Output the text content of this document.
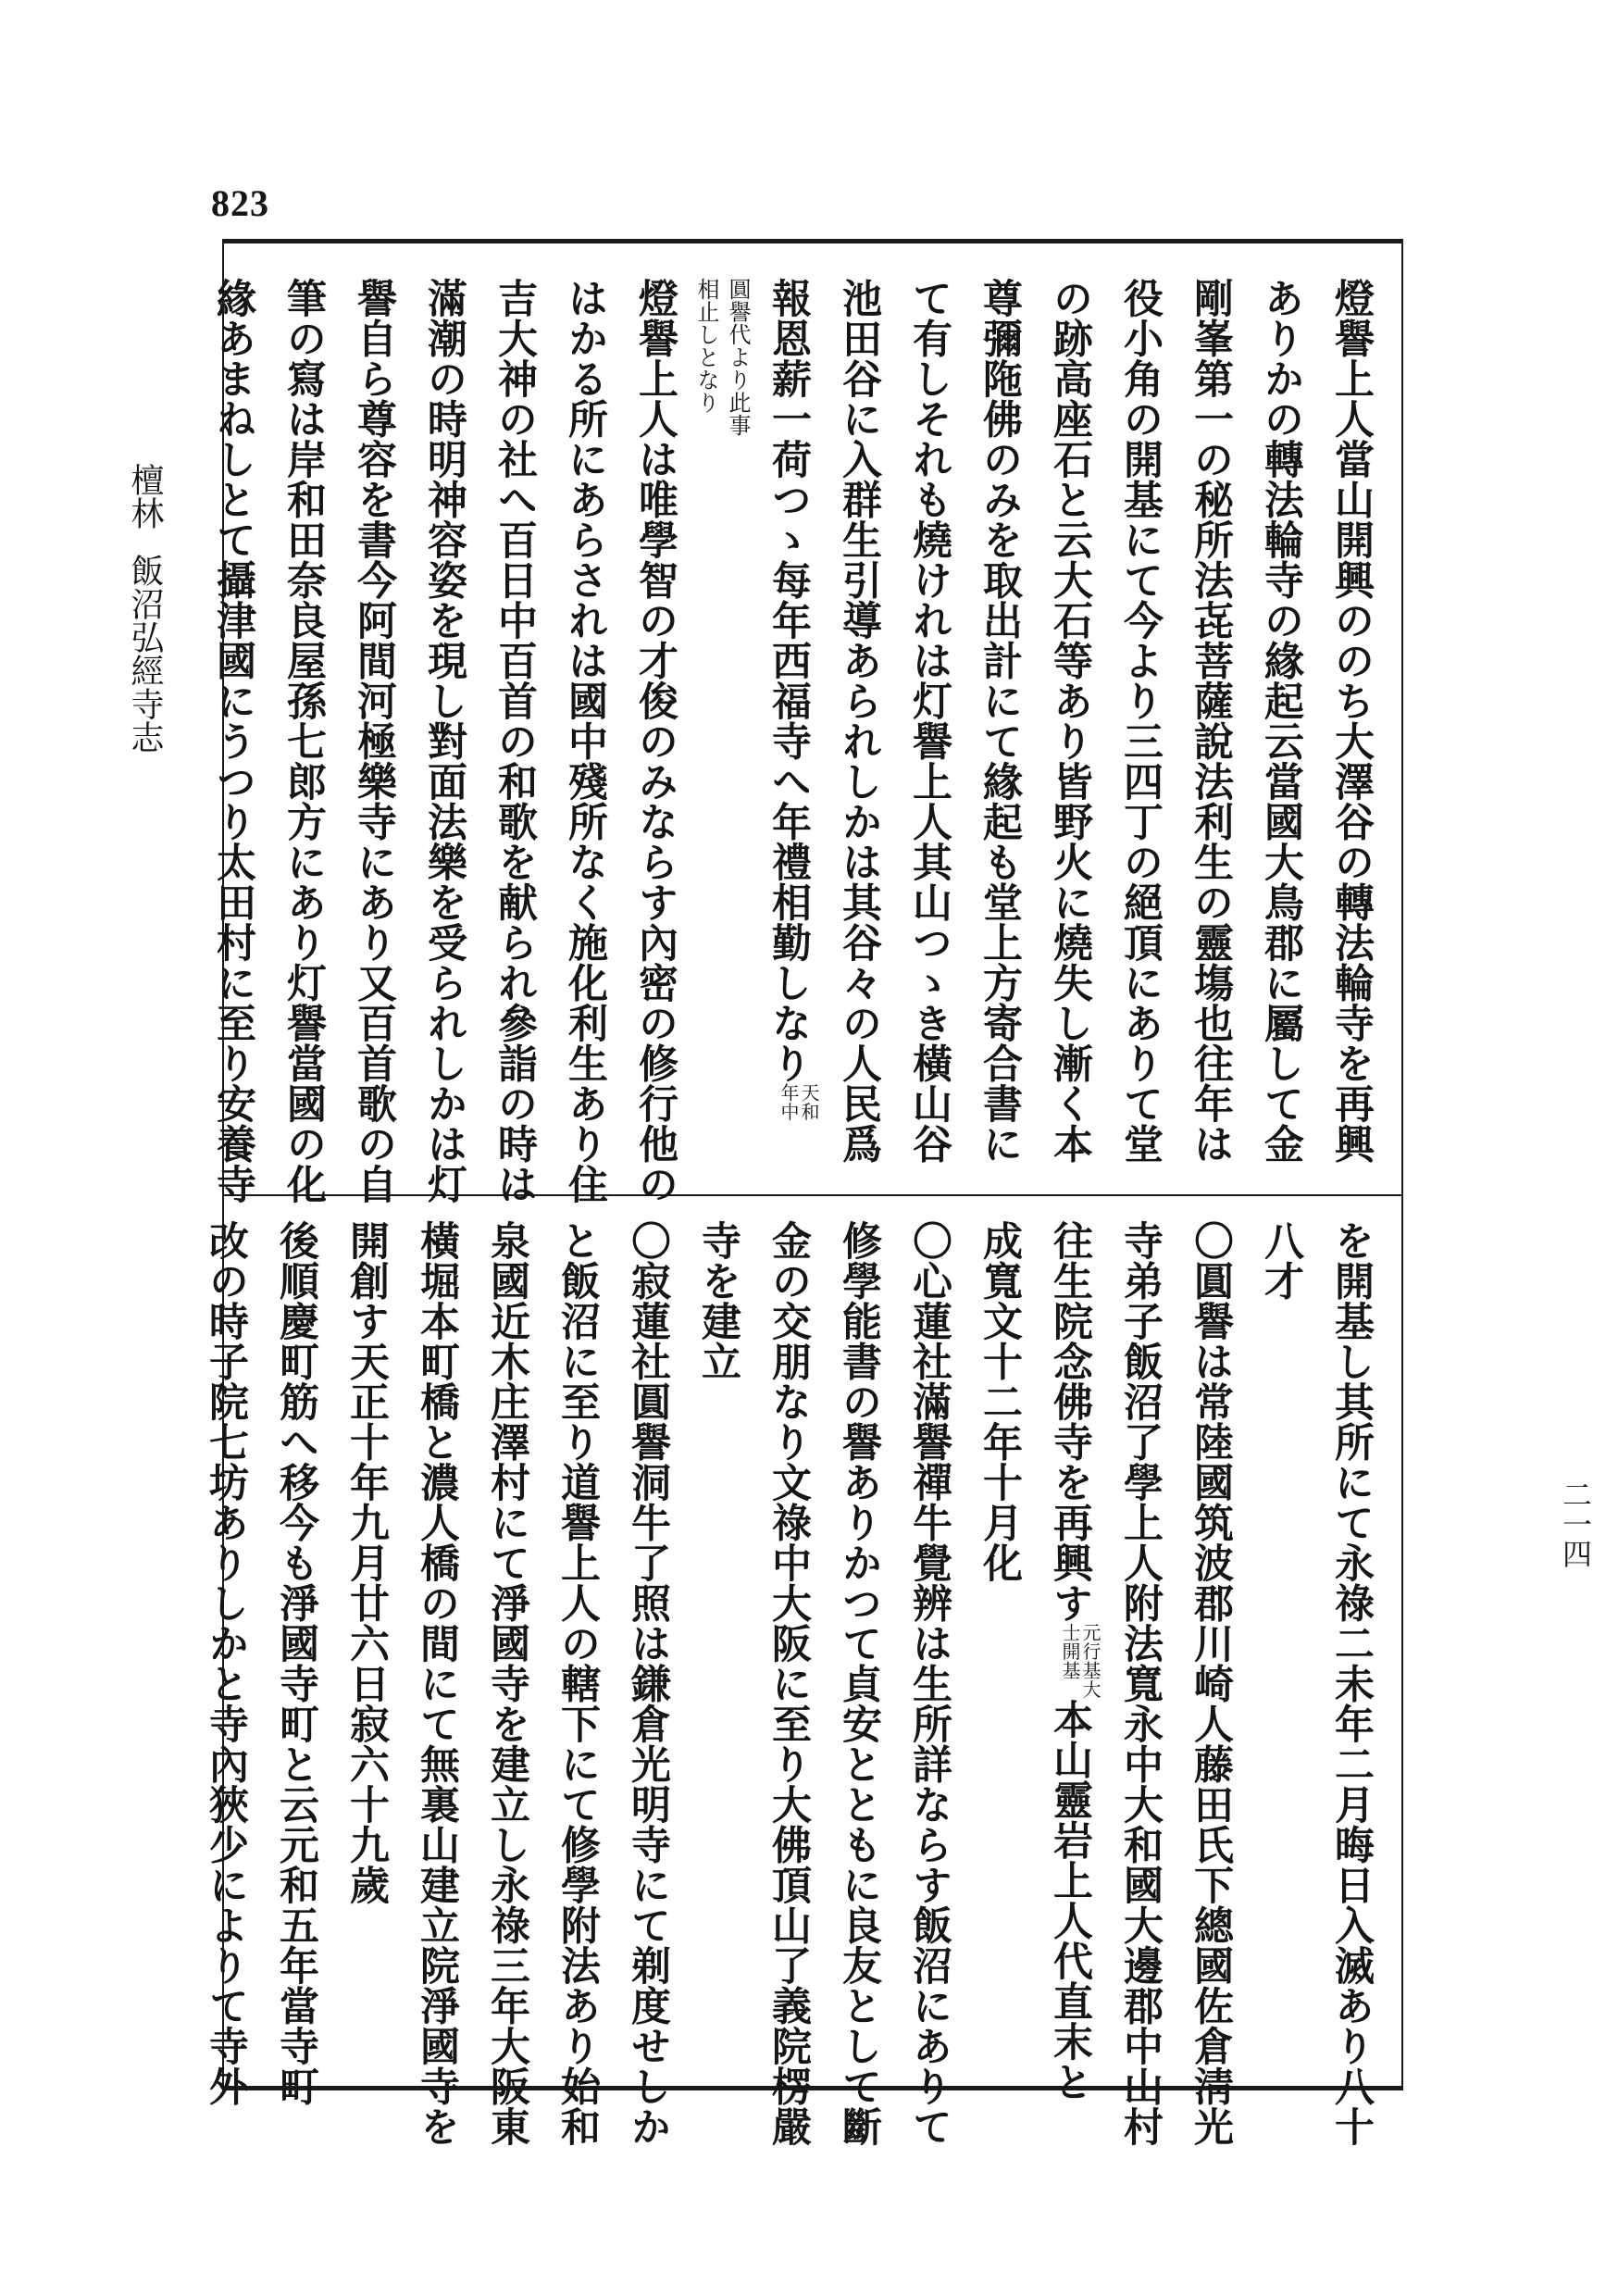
823
檀林飯沼弘經寺志
二一四
燈譽上人當山開興ののち大澤谷の轉法輪寺を再興
ありかの轉法輪寺の緣起云當國大鳥郡に屬して金
剛峯第一の秘所法㐂菩薩說法利生の靈塲也往年は
役小角の開基にて今より三四丁の絕頂にありて堂
の跡高座石と云大石等あり皆野火に燒失し漸く本
尊彌陁佛のみを取出計にて緣起も堂上方寄合書に
て有しそれも燒けれは灯譽上人其山つゝき橫山谷
池田谷に入群生引導あられしかは其谷々の人民爲
報恩薪一荷つゝ每年西福寺へ年禮相勤しなり
天和
年中
圓譽代より此事
相止しとなり
燈譽上人は唯學智の才俊のみならす內密の修行他の
はかる所にあらされは國中殘所なく施化利生あり住
吉大神の社へ百日中百首の和歌を献られ參詣の時は
滿潮の時明神容姿を現し對面法樂を受られしかは灯
譽自ら尊容を書今阿間河極樂寺にあり又百首歌の自
筆の寫は岸和田奈良屋孫七郎方にあり灯譽當國の化
緣あまねしとて攝津國にうつり太田村に至り安養寺
を開基し其所にて永祿二未年二月晦日入滅あり八十
八才
〇圓譽は常陸國筑波郡川崎人藤田氏下總國佐倉淸光
寺弟子飯沼了學上人附法寬永中大和國大邊郡中山村
往生院念佛寺を再興す
元行基大
士開基
本山靈岩上人代直末と
成寬文十二年十月化
〇心蓮社滿譽禪牛覺辨は生所詳ならす飯沼にありて
修學能書の譽ありかつて貞安とともに良友として斷
金の交朋なり文祿中大阪に至り大佛頂山了義院楞嚴
寺を建立
〇寂蓮社圓譽洞牛了照は鎌倉光明寺にて剃度せしか
と飯沼に至り道譽上人の轄下にて修學附法あり始和
泉國近木庄澤村にて淨國寺を建立し永祿三年大阪東
橫堀本町橋と濃人橋の間にて無裏山建立院淨國寺を
開創す天正十年九月廿六日寂六十九歲
後順慶町筋へ移今も淨國寺町と云元和五年當寺町
改の時子院七坊ありしかと寺內狹少によりて寺外
